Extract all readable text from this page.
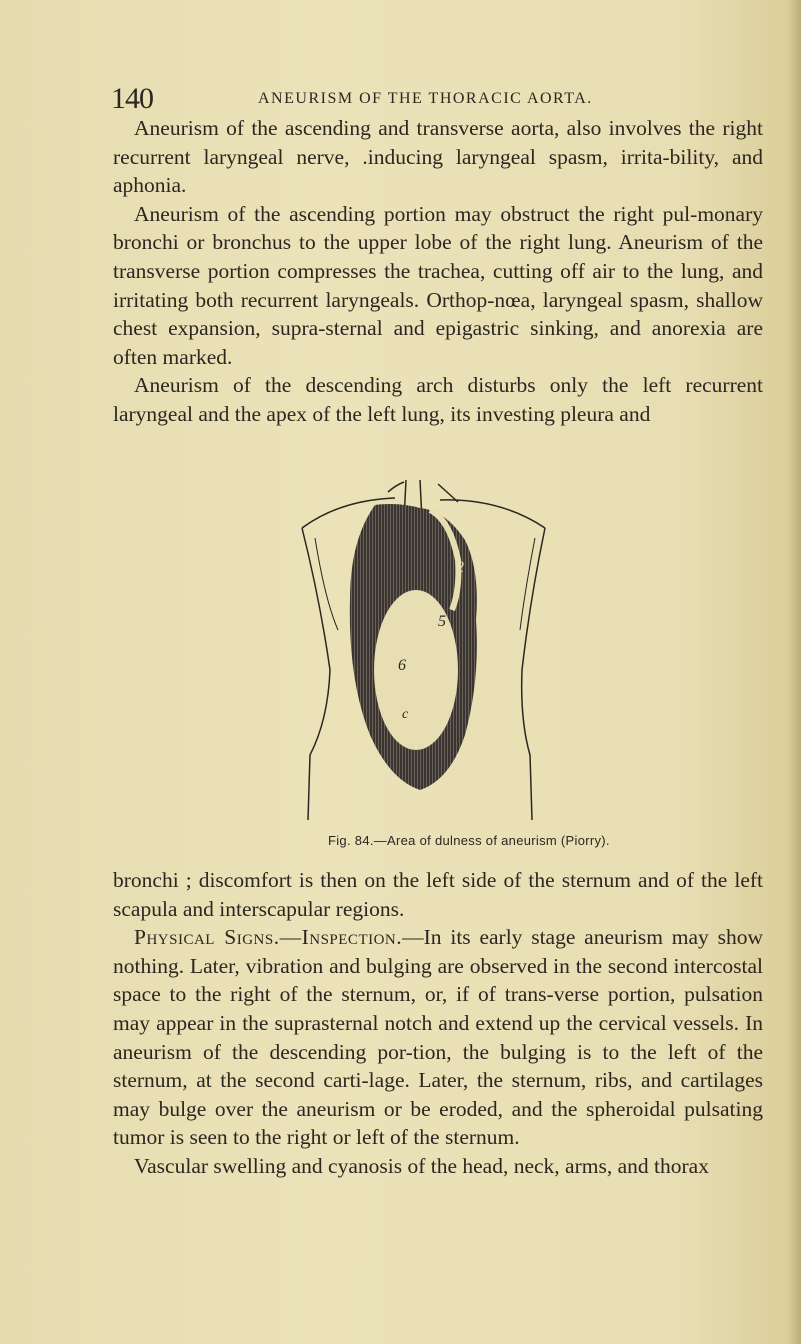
140	ANEURISM OF THE THORACIC AORTA.

Aneurism of the ascending and transverse aorta, also involves the right recurrent laryngeal nerve, .inducing laryngeal spasm, irrita-bility, and aphonia.

Aneurism of the ascending portion may obstruct the right pul-monary bronchi or bronchus to the upper lobe of the right lung. Aneurism of the transverse portion compresses the trachea, cutting off air to the lung, and irritating both recurrent laryngeals. Orthop-nœa, laryngeal spasm, shallow chest expansion, supra-sternal and epigastric sinking, and anorexia are often marked.

Aneurism of the descending arch disturbs only the left recurrent laryngeal and the apex of the left lung, its investing pleura and

2
5
6
c
Fig. 84.—Area of dulness of aneurism (Piorry).

bronchi ; discomfort is then on the left side of the sternum and of the left scapula and interscapular regions.

Physical Signs.—Inspection.—In its early stage aneurism may show nothing. Later, vibration and bulging are observed in the second intercostal space to the right of the sternum, or, if of trans-verse portion, pulsation may appear in the suprasternal notch and extend up the cervical vessels. In aneurism of the descending por-tion, the bulging is to the left of the sternum, at the second carti-lage. Later, the sternum, ribs, and cartilages may bulge over the aneurism or be eroded, and the spheroidal pulsating tumor is seen to the right or left of the sternum.

Vascular swelling and cyanosis of the head, neck, arms, and thorax
